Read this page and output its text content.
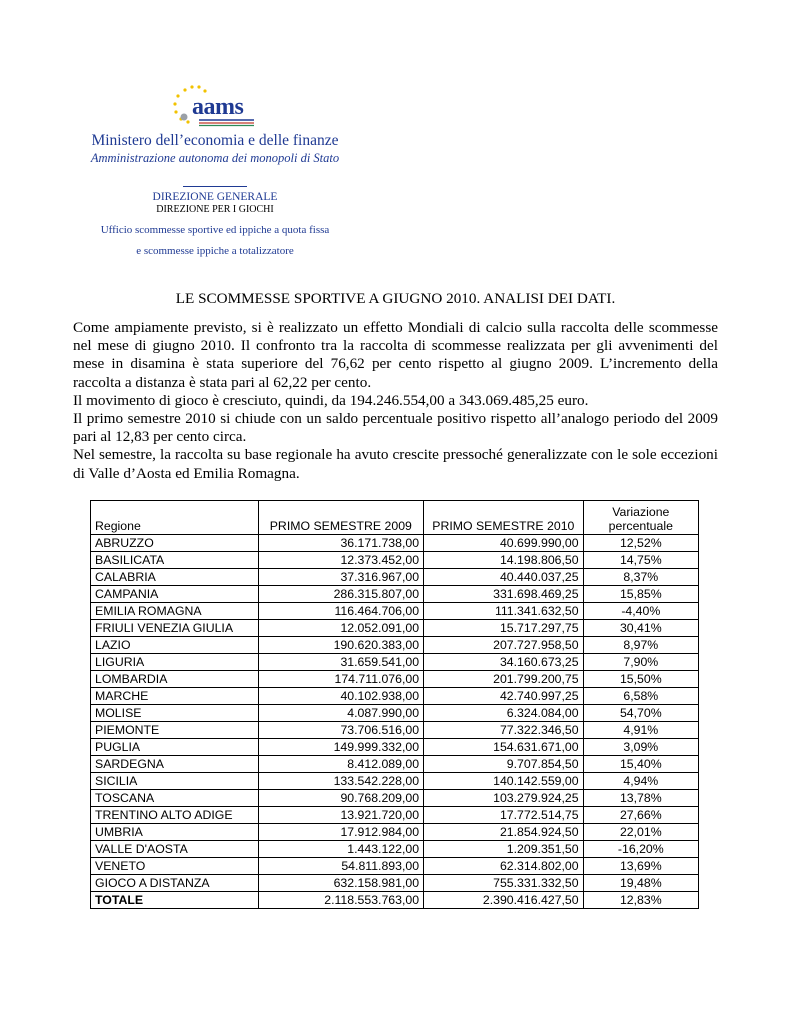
aams
Ministero dell’economia e delle finanze
Amministrazione autonoma dei monopoli di Stato
DIREZIONE GENERALE
DIREZIONE PER I GIOCHI
Ufficio scommesse sportive ed ippiche a quota fissa
e scommesse ippiche a totalizzatore
LE SCOMMESSE SPORTIVE A GIUGNO 2010. ANALISI DEI DATI.

Come ampiamente previsto, si è realizzato un effetto Mondiali di calcio sulla raccolta delle scommesse nel mese di giugno 2010. Il confronto tra la raccolta di scommesse realizzata per gli avvenimenti del mese in disamina è stata superiore del 76,62 per cento rispetto al giugno 2009. L’incremento della raccolta a distanza è stata pari al 62,22 per cento.

Il movimento di gioco è cresciuto, quindi, da 194.246.554,00 a 343.069.485,25 euro.

Il primo semestre 2010 si chiude con un saldo percentuale positivo rispetto all’analogo periodo del 2009 pari al 12,83 per cento circa.

Nel semestre, la raccolta su base regionale ha avuto crescite pressoché generalizzate con le sole eccezioni di Valle d’Aosta ed Emilia Romagna.

Regione	PRIMO SEMESTRE 2009	PRIMO SEMESTRE 2010	Variazione
percentuale
ABRUZZO	36.171.738,00	40.699.990,00	12,52%
BASILICATA	12.373.452,00	14.198.806,50	14,75%
CALABRIA	37.316.967,00	40.440.037,25	8,37%
CAMPANIA	286.315.807,00	331.698.469,25	15,85%
EMILIA ROMAGNA	116.464.706,00	111.341.632,50	-4,40%
FRIULI VENEZIA GIULIA	12.052.091,00	15.717.297,75	30,41%
LAZIO	190.620.383,00	207.727.958,50	8,97%
LIGURIA	31.659.541,00	34.160.673,25	7,90%
LOMBARDIA	174.711.076,00	201.799.200,75	15,50%
MARCHE	40.102.938,00	42.740.997,25	6,58%
MOLISE	4.087.990,00	6.324.084,00	54,70%
PIEMONTE	73.706.516,00	77.322.346,50	4,91%
PUGLIA	149.999.332,00	154.631.671,00	3,09%
SARDEGNA	8.412.089,00	9.707.854,50	15,40%
SICILIA	133.542.228,00	140.142.559,00	4,94%
TOSCANA	90.768.209,00	103.279.924,25	13,78%
TRENTINO ALTO ADIGE	13.921.720,00	17.772.514,75	27,66%
UMBRIA	17.912.984,00	21.854.924,50	22,01%
VALLE D'AOSTA	1.443.122,00	1.209.351,50	-16,20%
VENETO	54.811.893,00	62.314.802,00	13,69%
GIOCO A DISTANZA	632.158.981,00	755.331.332,50	19,48%
TOTALE	2.118.553.763,00	2.390.416.427,50	12,83%
